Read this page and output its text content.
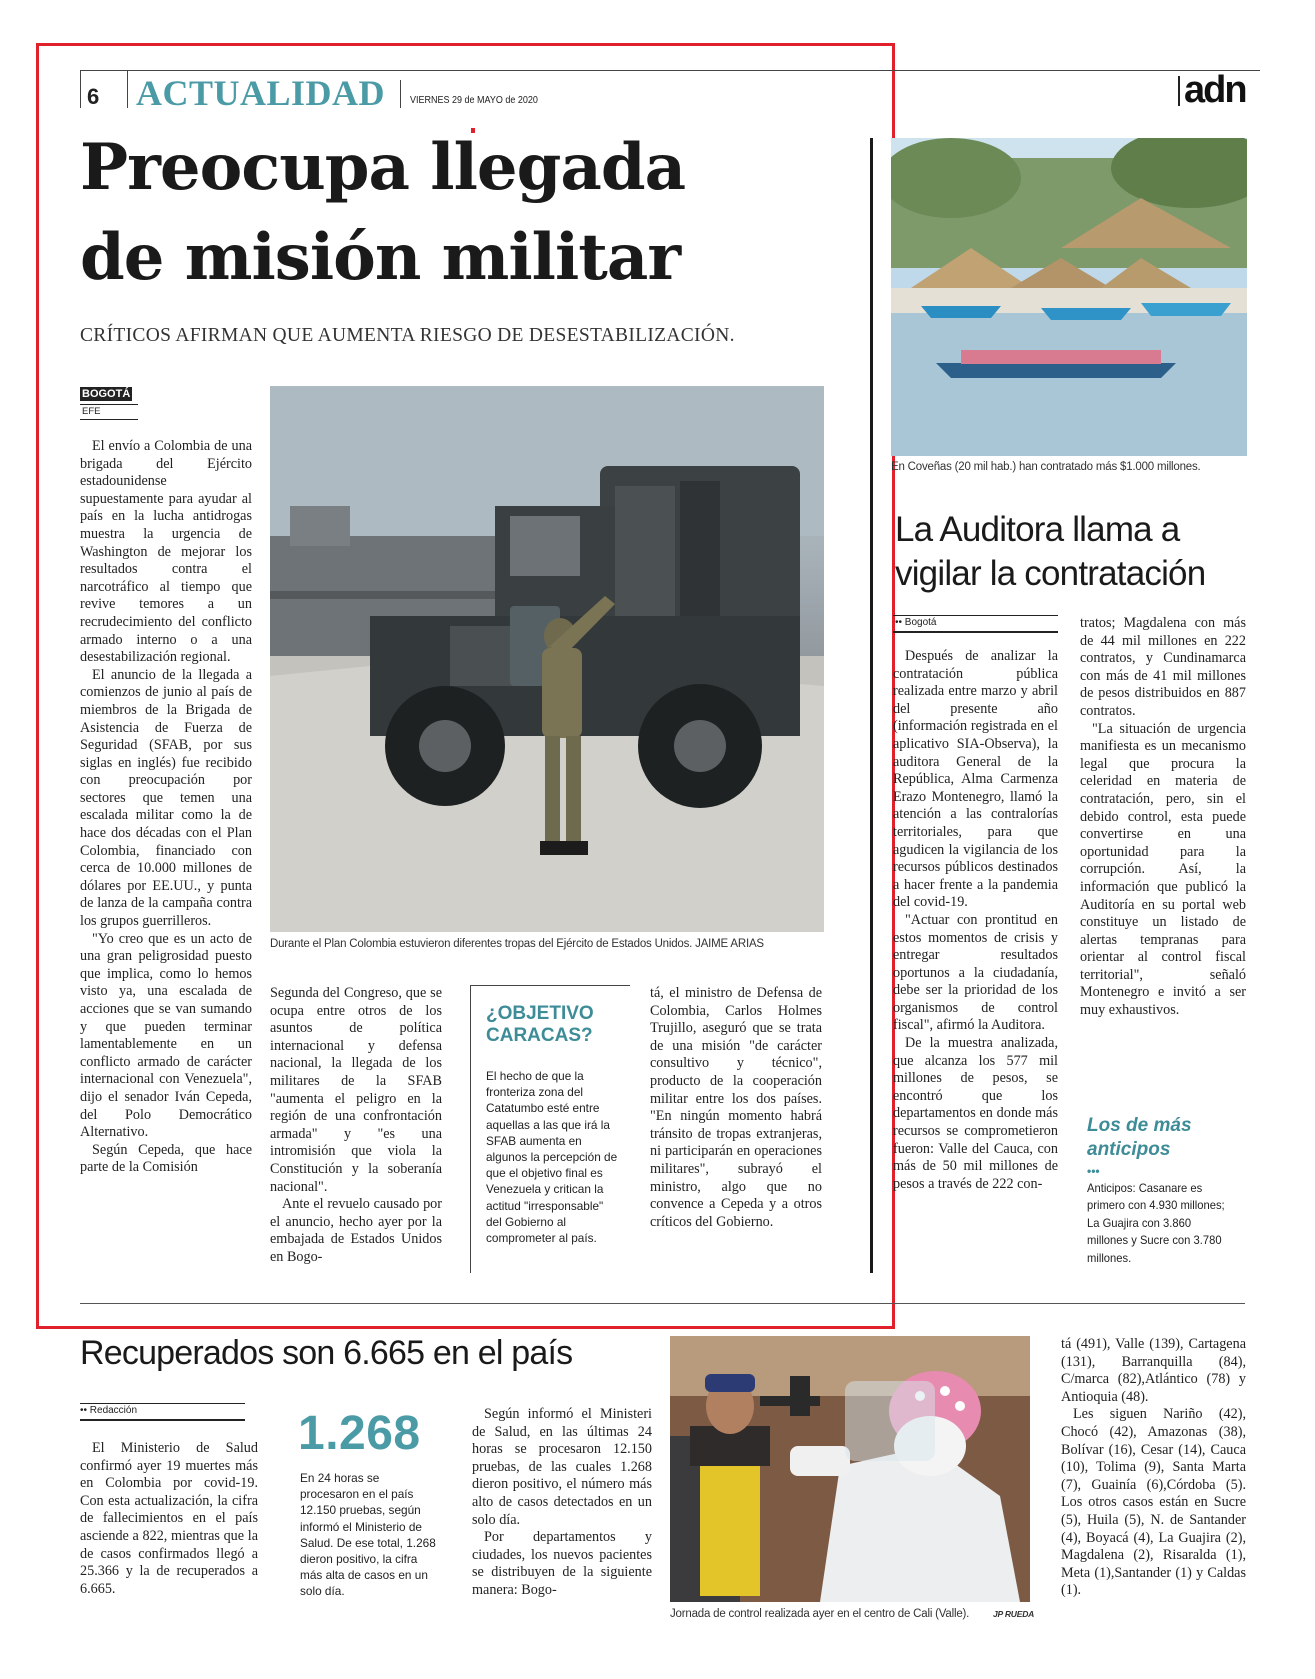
6 ACTUALIDAD VIERNES 29 de MAYO de 2020	adn
Preocupa llegada
de misión militar
CRÍTICOS AFIRMAN QUE AUMENTA RIESGO DE DESESTABILIZACIÓN.
BOGOTÁ
EFE
Durante el Plan Colombia estuvieron diferentes tropas del Ejército de Estados Unidos. JAIME ARIAS

El envío a Colombia de una brigada del Ejército estadounidense supuestamente para ayudar al país en la lucha antidrogas muestra la urgencia de Washington de mejorar los resultados contra el narcotráfico al tiempo que revive temores a un recrudecimiento del conflicto armado interno o a una desestabilización regional.

El anuncio de la llegada a comienzos de junio al país de miembros de la Brigada de Asistencia de Fuerza de Seguridad (SFAB, por sus siglas en inglés) fue recibido con preocupación por sectores que temen una escalada militar como la de hace dos décadas con el Plan Colombia, financiado con cerca de 10.000 millones de dólares por EE.UU., y punta de lanza de la campaña contra los grupos guerrilleros.

"Yo creo que es un acto de una gran peligrosidad puesto que implica, como lo hemos visto ya, una escalada de acciones que se van sumando y que pueden terminar lamentablemente en un conflicto armado de carácter internacional con Venezuela", dijo el senador Iván Cepeda, del Polo Democrático Alternativo.

Según Cepeda, que hace parte de la Comisión

Segunda del Congreso, que se ocupa entre otros de los asuntos de política internacional y defensa nacional, la llegada de los militares de la SFAB "aumenta el peligro en la región de una confrontación armada" y "es una intromisión que viola la Constitución y la soberanía nacional".

Ante el revuelo causado por el anuncio, hecho ayer por la embajada de Estados Unidos en Bogo-

¿OBJETIVO CARACAS?
El hecho de que la fronteriza zona del Catatumbo esté entre aquellas a las que irá la SFAB aumenta en algunos la percepción de que el objetivo final es Venezuela y critican la actitud "irresponsable" del Gobierno al comprometer al país.

tá, el ministro de Defensa de Colombia, Carlos Holmes Trujillo, aseguró que se trata de una misión "de carácter consultivo y técnico", producto de la cooperación militar entre los dos países. "En ningún momento habrá tránsito de tropas extranjeras, ni participarán en operaciones militares", subrayó el ministro, algo que no convence a Cepeda y a otros críticos del Gobierno.

En Coveñas (20 mil hab.) han contratado más $1.000 millones.
La Auditora llama a vigilar la contratación
•• Bogotá

Después de analizar la contratación pública realizada entre marzo y abril del presente año (información registrada en el aplicativo SIA-Observa), la auditora General de la República, Alma Carmenza Erazo Montenegro, llamó la atención a las contralorías territoriales, para que agudicen la vigilancia de los recursos públicos destinados a hacer frente a la pandemia del covid-19.

"Actuar con prontitud en estos momentos de crisis y entregar resultados oportunos a la ciudadanía, debe ser la prioridad de los organismos de control fiscal", afirmó la Auditora.

De la muestra analizada, que alcanza los 577 mil millones de pesos, se encontró que los departamentos en donde más recursos se comprometieron fueron: Valle del Cauca, con más de 50 mil millones de pesos a través de 222 con-

tratos; Magdalena con más de 44 mil millones en 222 contratos, y Cundinamarca con más de 41 mil millones de pesos distribuidos en 887 contratos.

"La situación de urgencia manifiesta es un mecanismo legal que procura la celeridad en materia de contratación, pero, sin el debido control, esta puede convertirse en una oportunidad para la corrupción. Así, la información que publicó la Auditoría en su portal web constituye un listado de alertas tempranas para orientar al control fiscal territorial", señaló Montenegro e invitó a ser muy exhaustivos.

Los de más anticipos
•••
Anticipos: Casanare es primero con 4.930 millones; La Guajira con 3.860 millones y Sucre con 3.780 millones.
Recuperados son 6.665 en el país
•• Redacción

El Ministerio de Salud confirmó ayer 19 muertes más en Colombia por covid-19. Con esta actualización, la cifra de fallecimientos en el país asciende a 822, mientras que la de casos confirmados llegó a 25.366 y la de recuperados a 6.665.

1.268
En 24 horas se procesaron en el país 12.150 pruebas, según informó el Ministerio de Salud. De ese total, 1.268 dieron positivo, la cifra más alta de casos en un solo día.

Según informó el Ministeri de Salud, en las últimas 24 horas se procesaron 12.150 pruebas, de las cuales 1.268 dieron positivo, el número más alto de casos detectados en un solo día.

Por departamentos y ciudades, los nuevos pacientes se distribuyen de la siguiente manera: Bogo-

Jornada de control realizada ayer en el centro de Cali (Valle).	JP RUEDA

tá (491), Valle (139), Cartagena (131), Barranquilla (84), C/marca (82),Atlántico (78) y Antioquia (48).

Les siguen Nariño (42), Chocó (42), Amazonas (38), Bolívar (16), Cesar (14), Cauca (10), Tolima (9), Santa Marta (7), Guainía (6),Córdoba (5). Los otros casos están en Sucre (5), Huila (5), N. de Santander (4), Boyacá (4), La Guajira (2), Magdalena (2), Risaralda (1), Meta (1),Santander (1) y Caldas (1).
